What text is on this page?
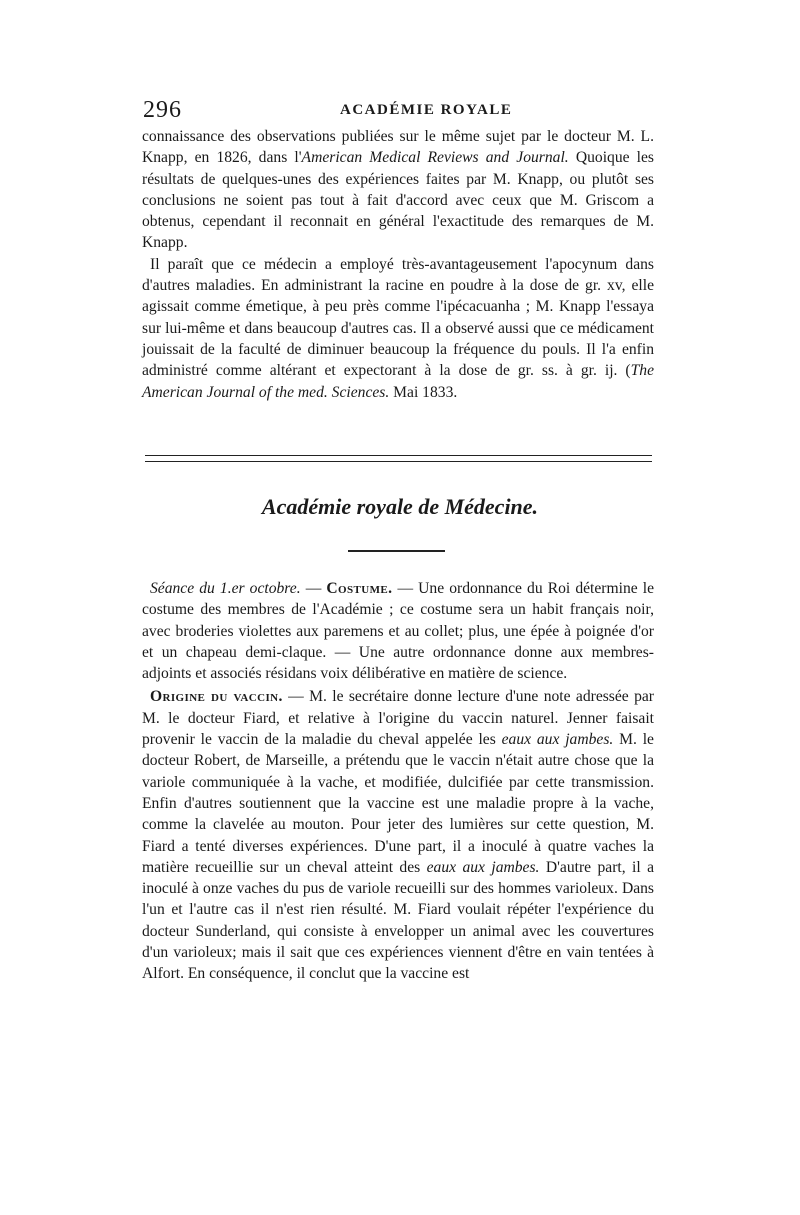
296	ACADÉMIE ROYALE

connaissance des observations publiées sur le même sujet par le docteur M. L. Knapp, en 1826, dans l'American Medical Reviews and Journal. Quoique les résultats de quelques-unes des expériences faites par M. Knapp, ou plutôt ses conclusions ne soient pas tout à fait d'accord avec ceux que M. Griscom a obtenus, cependant il reconnait en général l'exactitude des remarques de M. Knapp.

Il paraît que ce médecin a employé très-avantageusement l'apocynum dans d'autres maladies. En administrant la racine en poudre à la dose de gr. xv, elle agissait comme émetique, à peu près comme l'ipécacuanha ; M. Knapp l'essaya sur lui-même et dans beaucoup d'autres cas. Il a observé aussi que ce médicament jouissait de la faculté de diminuer beaucoup la fréquence du pouls. Il l'a enfin administré comme altérant et expectorant à la dose de gr. ss. à gr. ij. (The American Journal of the med. Sciences. Mai 1833.

Académie royale de Médecine.

Séance du 1.er octobre. — Costume. — Une ordonnance du Roi détermine le costume des membres de l'Académie ; ce costume sera un habit français noir, avec broderies violettes aux paremens et au collet; plus, une épée à poignée d'or et un chapeau demi-claque. — Une autre ordonnance donne aux membres-adjoints et associés résidans voix délibérative en matière de science.

Origine du vaccin. — M. le secrétaire donne lecture d'une note adressée par M. le docteur Fiard, et relative à l'origine du vaccin naturel. Jenner faisait provenir le vaccin de la maladie du cheval appelée les eaux aux jambes. M. le docteur Robert, de Marseille, a prétendu que le vaccin n'était autre chose que la variole communiquée à la vache, et modifiée, dulcifiée par cette transmission. Enfin d'autres soutiennent que la vaccine est une maladie propre à la vache, comme la clavelée au mouton. Pour jeter des lumières sur cette question, M. Fiard a tenté diverses expériences. D'une part, il a inoculé à quatre vaches la matière recueillie sur un cheval atteint des eaux aux jambes. D'autre part, il a inoculé à onze vaches du pus de variole recueilli sur des hommes varioleux. Dans l'un et l'autre cas il n'est rien résulté. M. Fiard voulait répéter l'expérience du docteur Sunderland, qui consiste à envelopper un animal avec les couvertures d'un varioleux; mais il sait que ces expériences viennent d'être en vain tentées à Alfort. En conséquence, il conclut que la vaccine est
